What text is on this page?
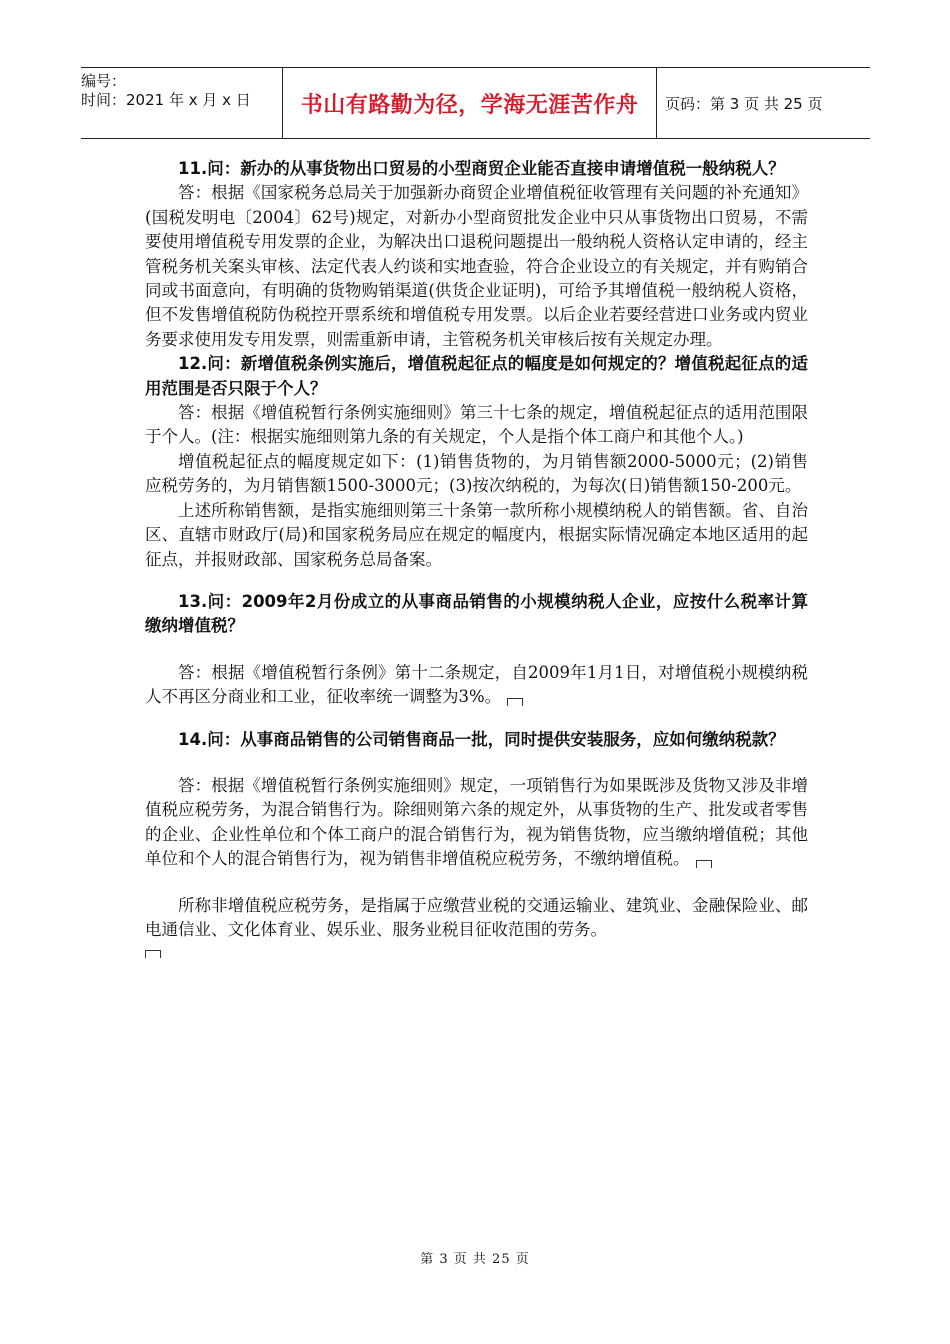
编号：
时间：2021 年 x 月 x 日	书山有路勤为径，学海无涯苦作舟	页码：第 3 页 共 25 页

11.问：新办的从事货物出口贸易的小型商贸企业能否直接申请增值税一般纳税人？

答：根据《国家税务总局关于加强新办商贸企业增值税征收管理有关问题的补充通知》(国税发明电〔2004〕62号)规定，对新办小型商贸批发企业中只从事货物出口贸易，不需要使用增值税专用发票的企业，为解决出口退税问题提出一般纳税人资格认定申请的，经主管税务机关案头审核、法定代表人约谈和实地查验，符合企业设立的有关规定，并有购销合同或书面意向，有明确的货物购销渠道(供货企业证明)，可给予其增值税一般纳税人资格，但不发售增值税防伪税控开票系统和增值税专用发票。以后企业若要经营进口业务或内贸业务要求使用发专用发票，则需重新申请，主管税务机关审核后按有关规定办理。

12.问：新增值税条例实施后，增值税起征点的幅度是如何规定的？增值税起征点的适用范围是否只限于个人？

答：根据《增值税暂行条例实施细则》第三十七条的规定，增值税起征点的适用范围限于个人。(注：根据实施细则第九条的有关规定，个人是指个体工商户和其他个人。)

增值税起征点的幅度规定如下：(1)销售货物的，为月销售额2000-5000元；(2)销售应税劳务的，为月销售额1500-3000元；(3)按次纳税的，为每次(日)销售额150-200元。

上述所称销售额，是指实施细则第三十条第一款所称小规模纳税人的销售额。省、自治区、直辖市财政厅(局)和国家税务局应在规定的幅度内，根据实际情况确定本地区适用的起征点，并报财政部、国家税务总局备案。

13.问：2009年2月份成立的从事商品销售的小规模纳税人企业，应按什么税率计算缴纳增值税？

答：根据《增值税暂行条例》第十二条规定，自2009年1月1日，对增值税小规模纳税人不再区分商业和工业，征收率统一调整为3%。

14.问：从事商品销售的公司销售商品一批，同时提供安装服务，应如何缴纳税款？

答：根据《增值税暂行条例实施细则》规定，一项销售行为如果既涉及货物又涉及非增值税应税劳务，为混合销售行为。除细则第六条的规定外，从事货物的生产、批发或者零售的企业、企业性单位和个体工商户的混合销售行为，视为销售货物，应当缴纳增值税；其他单位和个人的混合销售行为，视为销售非增值税应税劳务，不缴纳增值税。

所称非增值税应税劳务，是指属于应缴营业税的交通运输业、建筑业、金融保险业、邮电通信业、文化体育业、娱乐业、服务业税目征收范围的劳务。

第 3 页 共 25 页
